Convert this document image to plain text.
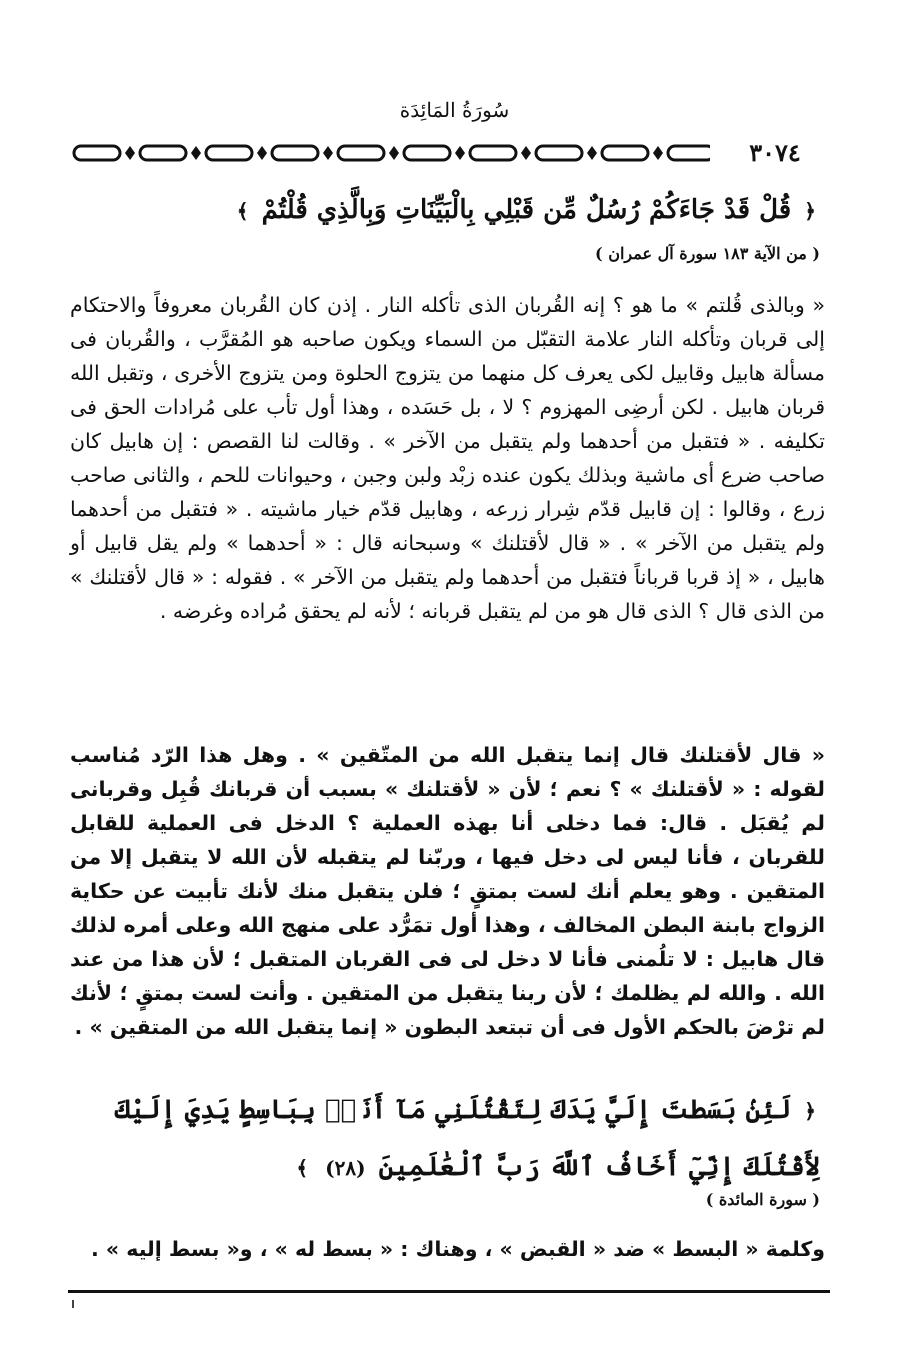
سُورَةُ المَائِدَة
٣٠٧٤
﴿ قُلْ قَدْ جَاءَكُمْ رُسُلٌ مِّن قَبْلِي بِالْبَيِّنَاتِ وَبِالَّذِي قُلْتُمْ ﴾
( من الآية ١٨٣ سورة آل عمران )
« وبالذى قُلتم » ما هو ؟ إنه القُربان الذى تأكله النار . إذن كان القُربان معروفاً والاحتكام إلى قربان وتأكله النار علامة التقبّل من السماء ويكون صاحبه هو المُقرَّب ، والقُربان فى مسألة هابيل وقابيل لكى يعرف كل منهما من يتزوج الحلوة ومن يتزوج الأخرى ، وتقبل الله قربان هابيل . لكن أرضِى المهزوم ؟ لا ، بل حَسَده ، وهذا أول تأب على مُرادات الحق فى تكليفه . « فتقبل من أحدهما ولم يتقبل من الآخر » . وقالت لنا القصص : إن هابيل كان صاحب ضرع أى ماشية وبذلك يكون عنده زبْد ولبن وجبن ، وحيوانات للحم ، والثانى صاحب زرع ، وقالوا : إن قابيل قدّم شِرار زرعه ، وهابيل قدّم خيار ماشيته . « فتقبل من أحدهما ولم يتقبل من الآخر » . « قال لأقتلنك » وسبحانه قال : « أحدهما » ولم يقل قابيل أو هابيل ، « إذ قربا قرباناً فتقبل من أحدهما ولم يتقبل من الآخر » . فقوله : « قال لأقتلنك » من الذى قال ؟ الذى قال هو من لم يتقبل قربانه ؛ لأنه لم يحقق مُراده وغرضه .
« قال لأقتلنك قال إنما يتقبل الله من المتّقين » . وهل هذا الرّد مُناسب لقوله : « لأقتلنك » ؟ نعم ؛ لأن « لأقتلنك » بسبب أن قربانك قُبِل وقربانى لم يُقبَل . قال: فما دخلى أنا بهذه العملية ؟ الدخل فى العملية للقابل للقربان ، فأنا ليس لى دخل فيها ، وربّنا لم يتقبله لأن الله لا يتقبل إلا من المتقين . وهو يعلم أنك لست بمتقٍ ؛ فلن يتقبل منك لأنك تأبيت عن حكاية الزواج بابنة البطن المخالف ، وهذا أول تمَرُّد على منهج الله وعلى أمره لذلك قال هابيل : لا تلُمنى فأنا لا دخل لى فى القربان المتقبل ؛ لأن هذا من عند الله . والله لم يظلمك ؛ لأن ربنا يتقبل من المتقين . وأنت لست بمتقٍ ؛ لأنك لم ترْضَ بالحكم الأول فى أن تبتعد البطون « إنما يتقبل الله من المتقين » .
﴿ لَئِنۢ بَسَطتَ إِلَيَّ يَدَكَ لِتَقْتُلَنِي مَآ أَنَا۠ بِبَاسِطٍ يَدِيَ إِلَيْكَ لِأَقْتُلَكَ إِنِّيٓ أَخَافُ ٱللَّهَ رَبَّ ٱلْعَٰلَمِينَ (٢٨) ﴾
( سورة المائدة )
وكلمة « البسط » ضد « القبض » ، وهناك : « بسط له » ، و« بسط إليه » .
